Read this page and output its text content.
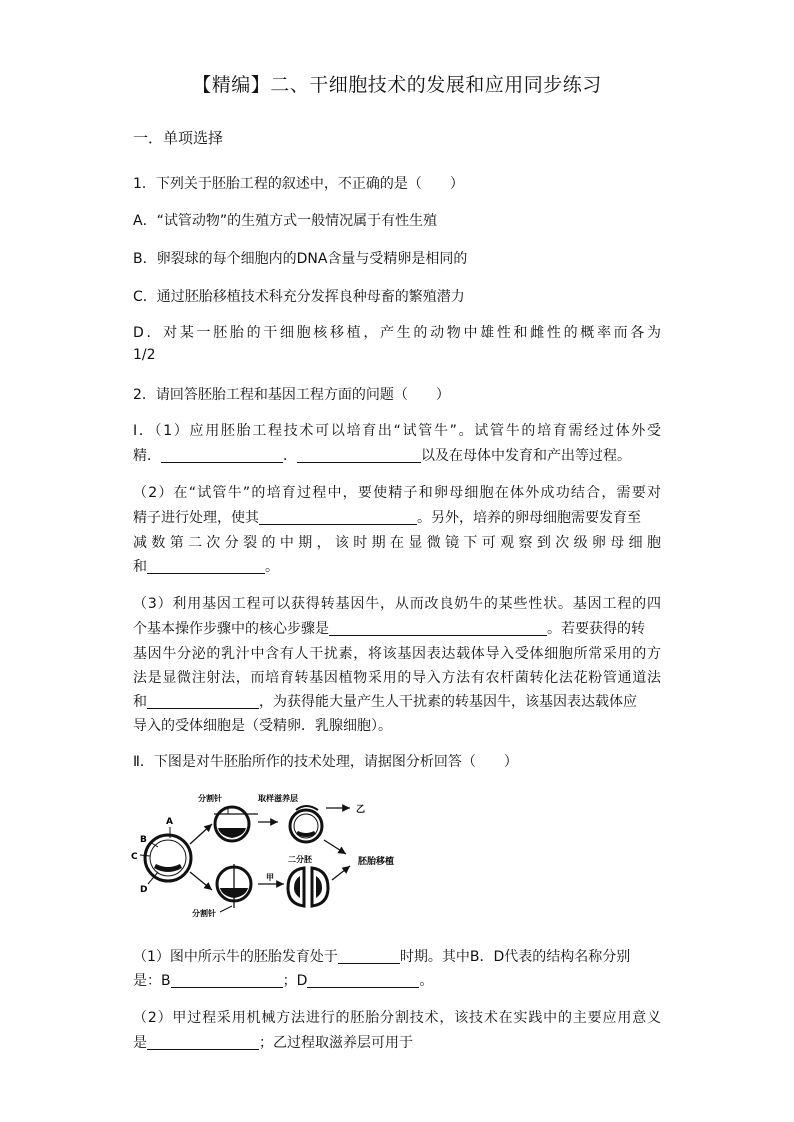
【精编】二、干细胞技术的发展和应用同步练习
一．单项选择
1．下列关于胚胎工程的叙述中，不正确的是（　　）
A．“试管动物”的生殖方式一般情况属于有性生殖
B．卵裂球的每个细胞内的DNA含量与受精卵是相同的
C．通过胚胎移植技术科充分发挥良种母畜的繁殖潜力
D．对某一胚胎的干细胞核移植，产生的动物中雄性和雌性的概率而各为
1/2
2．请回答胚胎工程和基因工程方面的问题（　　）
Ⅰ．（1）应用胚胎工程技术可以培育出“试管牛”。试管牛的培育需经过体外受
精．	．	以及在母体中发育和产出等过程。
（2）在“试管牛”的培育过程中，要使精子和卵母细胞在体外成功结合，需要对
精子进行处理，使其	。另外，培养的卵母细胞需要发育至
减数第二次分裂的中期，该时期在显微镜下可观察到次级卵母细胞
和	。
（3）利用基因工程可以获得转基因牛，从而改良奶牛的某些性状。基因工程的四
个基本操作步骤中的核心步骤是	。若要获得的转
基因牛分泌的乳汁中含有人干扰素，将该基因表达载体导入受体细胞所常采用的方
法是显微注射法，而培育转基因植物采用的导入方法有农杆菌转化法花粉管通道法
和	，为获得能大量产生人干扰素的转基因牛，该基因表达载体应
导入的受体细胞是（受精卵．乳腺细胞）。
Ⅱ．下图是对牛胚胎所作的技术处理，请据图分析回答（　　）
A
B
C
D
分割针	取样滋养层
乙
分割针
甲
二分胚	胚胎移植
（1）图中所示牛的胚胎发育处于	时期。其中B．D代表的结构名称分别
是：B	；D	。
（2）甲过程采用机械方法进行的胚胎分割技术，该技术在实践中的主要应用意义
是	；乙过程取滋养层可用于
